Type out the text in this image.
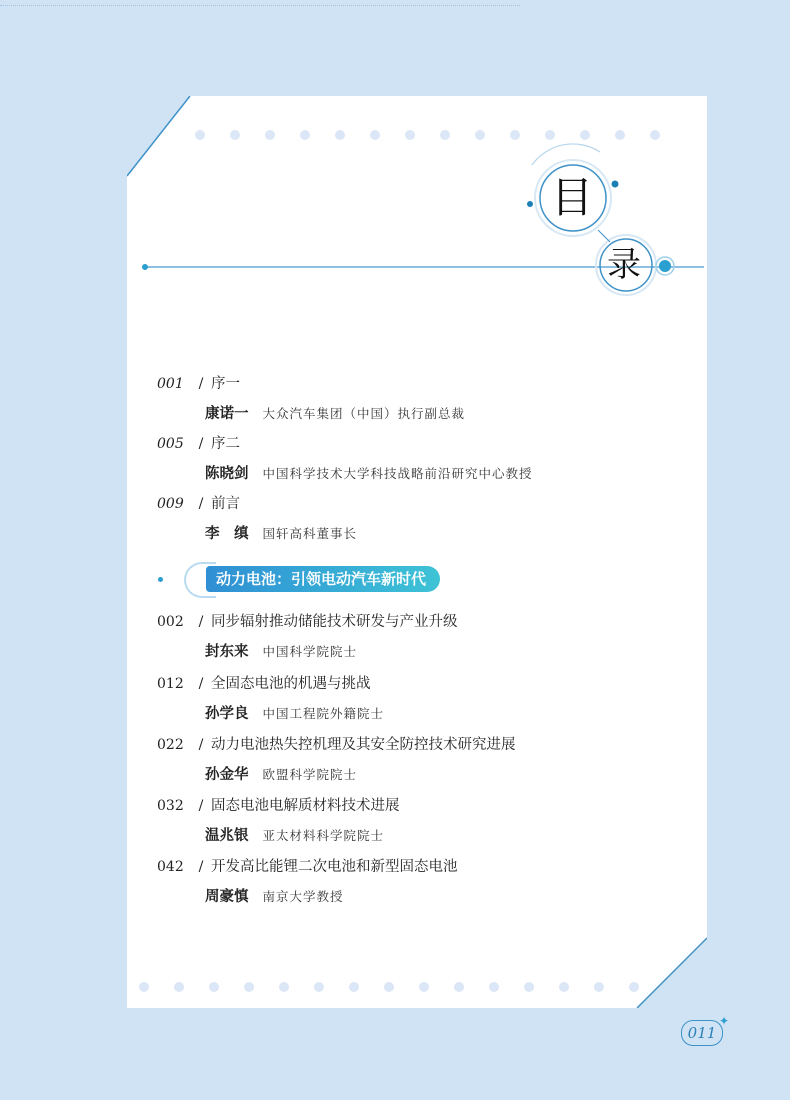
目
录
001 / 序一
康诺一 大众汽车集团（中国）执行副总裁
005 / 序二
陈晓剑 中国科学技术大学科技战略前沿研究中心教授
009 / 前言
李　缜 国轩高科董事长
动力电池：引领电动汽车新时代
002 / 同步辐射推动储能技术研发与产业升级
封东来 中国科学院院士
012 / 全固态电池的机遇与挑战
孙学良 中国工程院外籍院士
022 / 动力电池热失控机理及其安全防控技术研究进展
孙金华 欧盟科学院院士
032 / 固态电池电解质材料技术进展
温兆银 亚太材料科学院院士
042 / 开发高比能锂二次电池和新型固态电池
周豪慎 南京大学教授
011
✦
